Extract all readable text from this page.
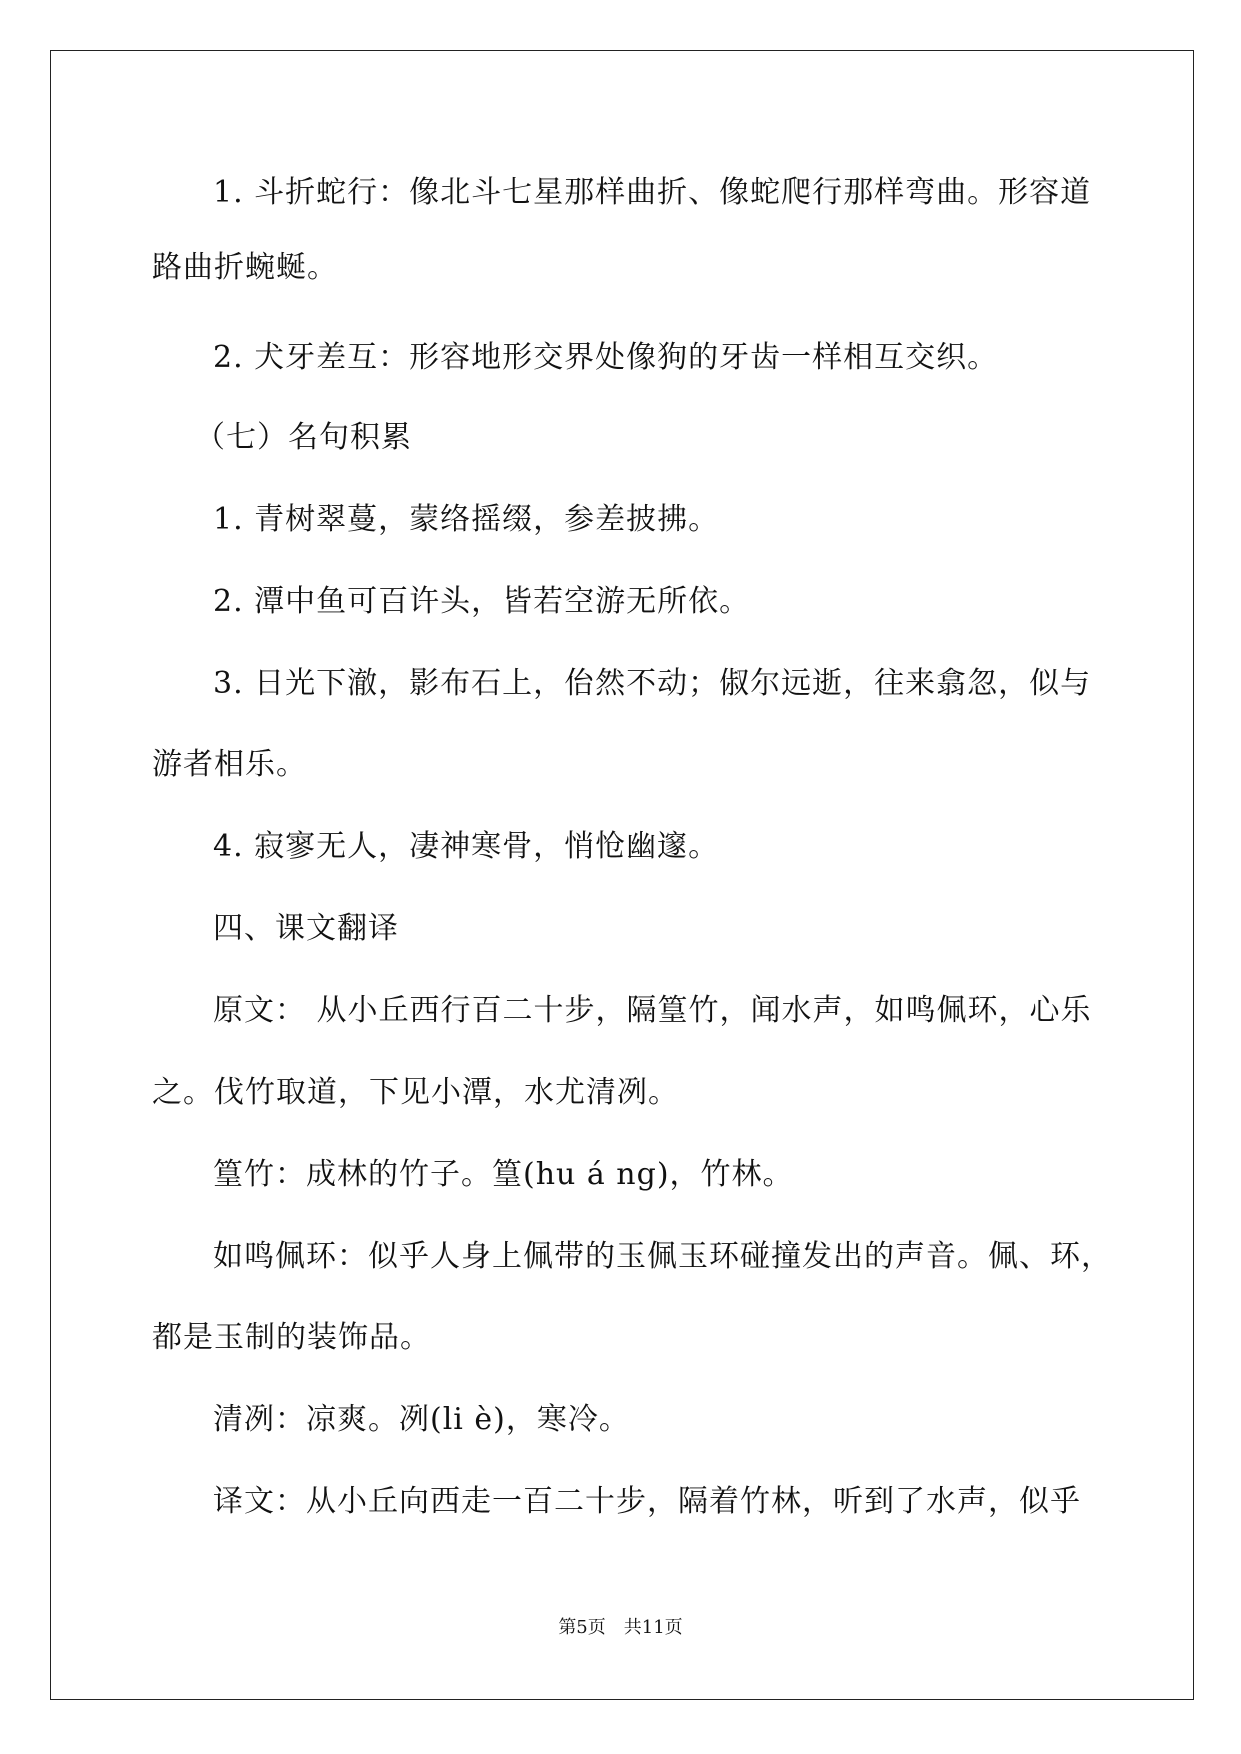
1. 斗折蛇行：像北斗七星那样曲折、像蛇爬行那样弯曲。形容道
路曲折蜿蜒。
2. 犬牙差互：形容地形交界处像狗的牙齿一样相互交织。
（七）名句积累
1. 青树翠蔓，蒙络摇缀，参差披拂。
2. 潭中鱼可百许头，皆若空游无所依。
3. 日光下澈，影布石上，佁然不动；俶尔远逝，往来翕忽，似与
游者相乐。
4. 寂寥无人，凄神寒骨，悄怆幽邃。
四、课文翻译
原文： 从小丘西行百二十步，隔篁竹，闻水声，如鸣佩环，心乐
之。伐竹取道，下见小潭，水尤清冽。
篁竹：成林的竹子。篁(hu á ng)，竹林。
如鸣佩环：似乎人身上佩带的玉佩玉环碰撞发出的声音。佩、环，
都是玉制的装饰品。
清冽：凉爽。冽(li è)，寒冷。
译文：从小丘向西走一百二十步，隔着竹林，听到了水声，似乎
第5页　共11页
